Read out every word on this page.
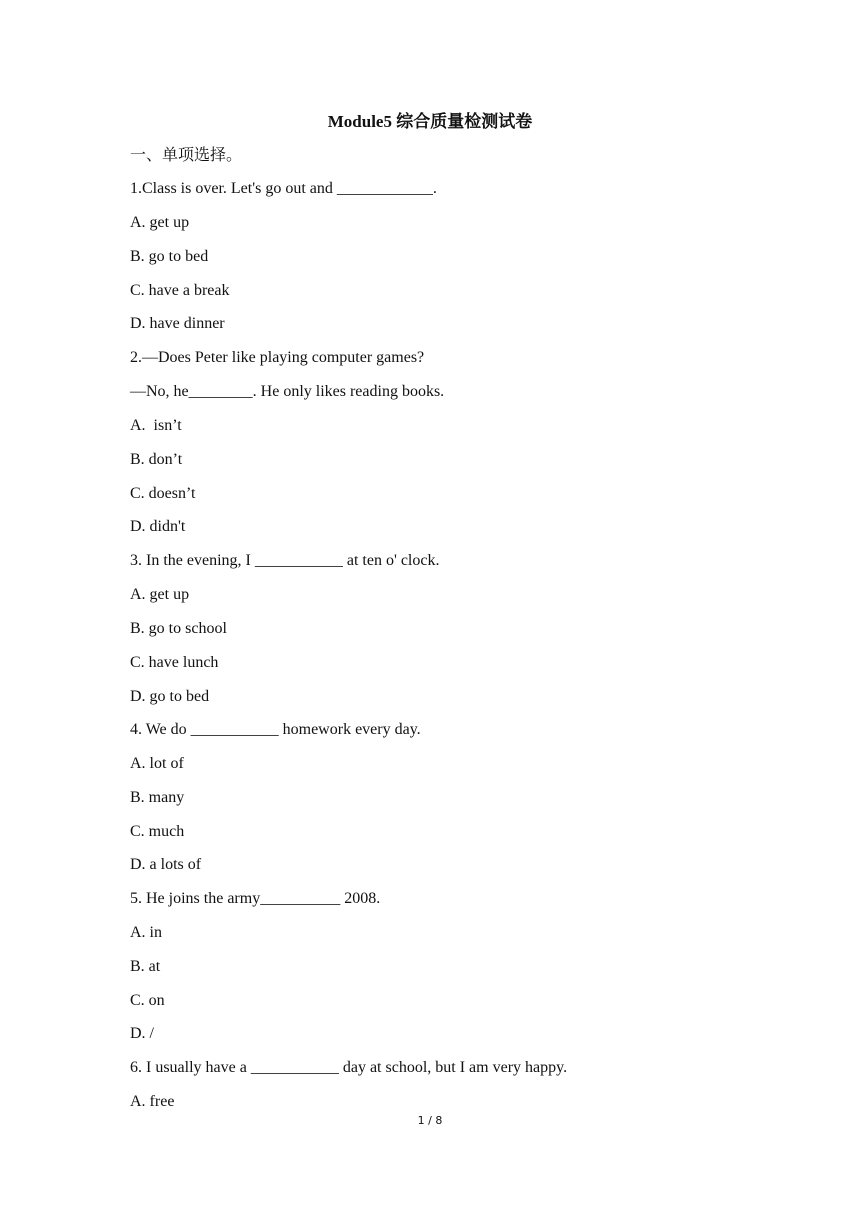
Module5 综合质量检测试卷
一、单项选择。
1.Class is over. Let's go out and ____________.
A. get up
B. go to bed
C. have a break
D. have dinner
2.—Does Peter like playing computer games?
—No, he________. He only likes reading books.
A.  isn’t
B. don’t
C. doesn’t
D. didn't
3. In the evening, I ___________ at ten o' clock.
A. get up
B. go to school
C. have lunch
D. go to bed
4. We do ___________ homework every day.
A. lot of
B. many
C. much
D. a lots of
5. He joins the army__________ 2008.
A. in
B. at
C. on
D. /
6. I usually have a ___________ day at school, but I am very happy.
A. free
1 / 8
